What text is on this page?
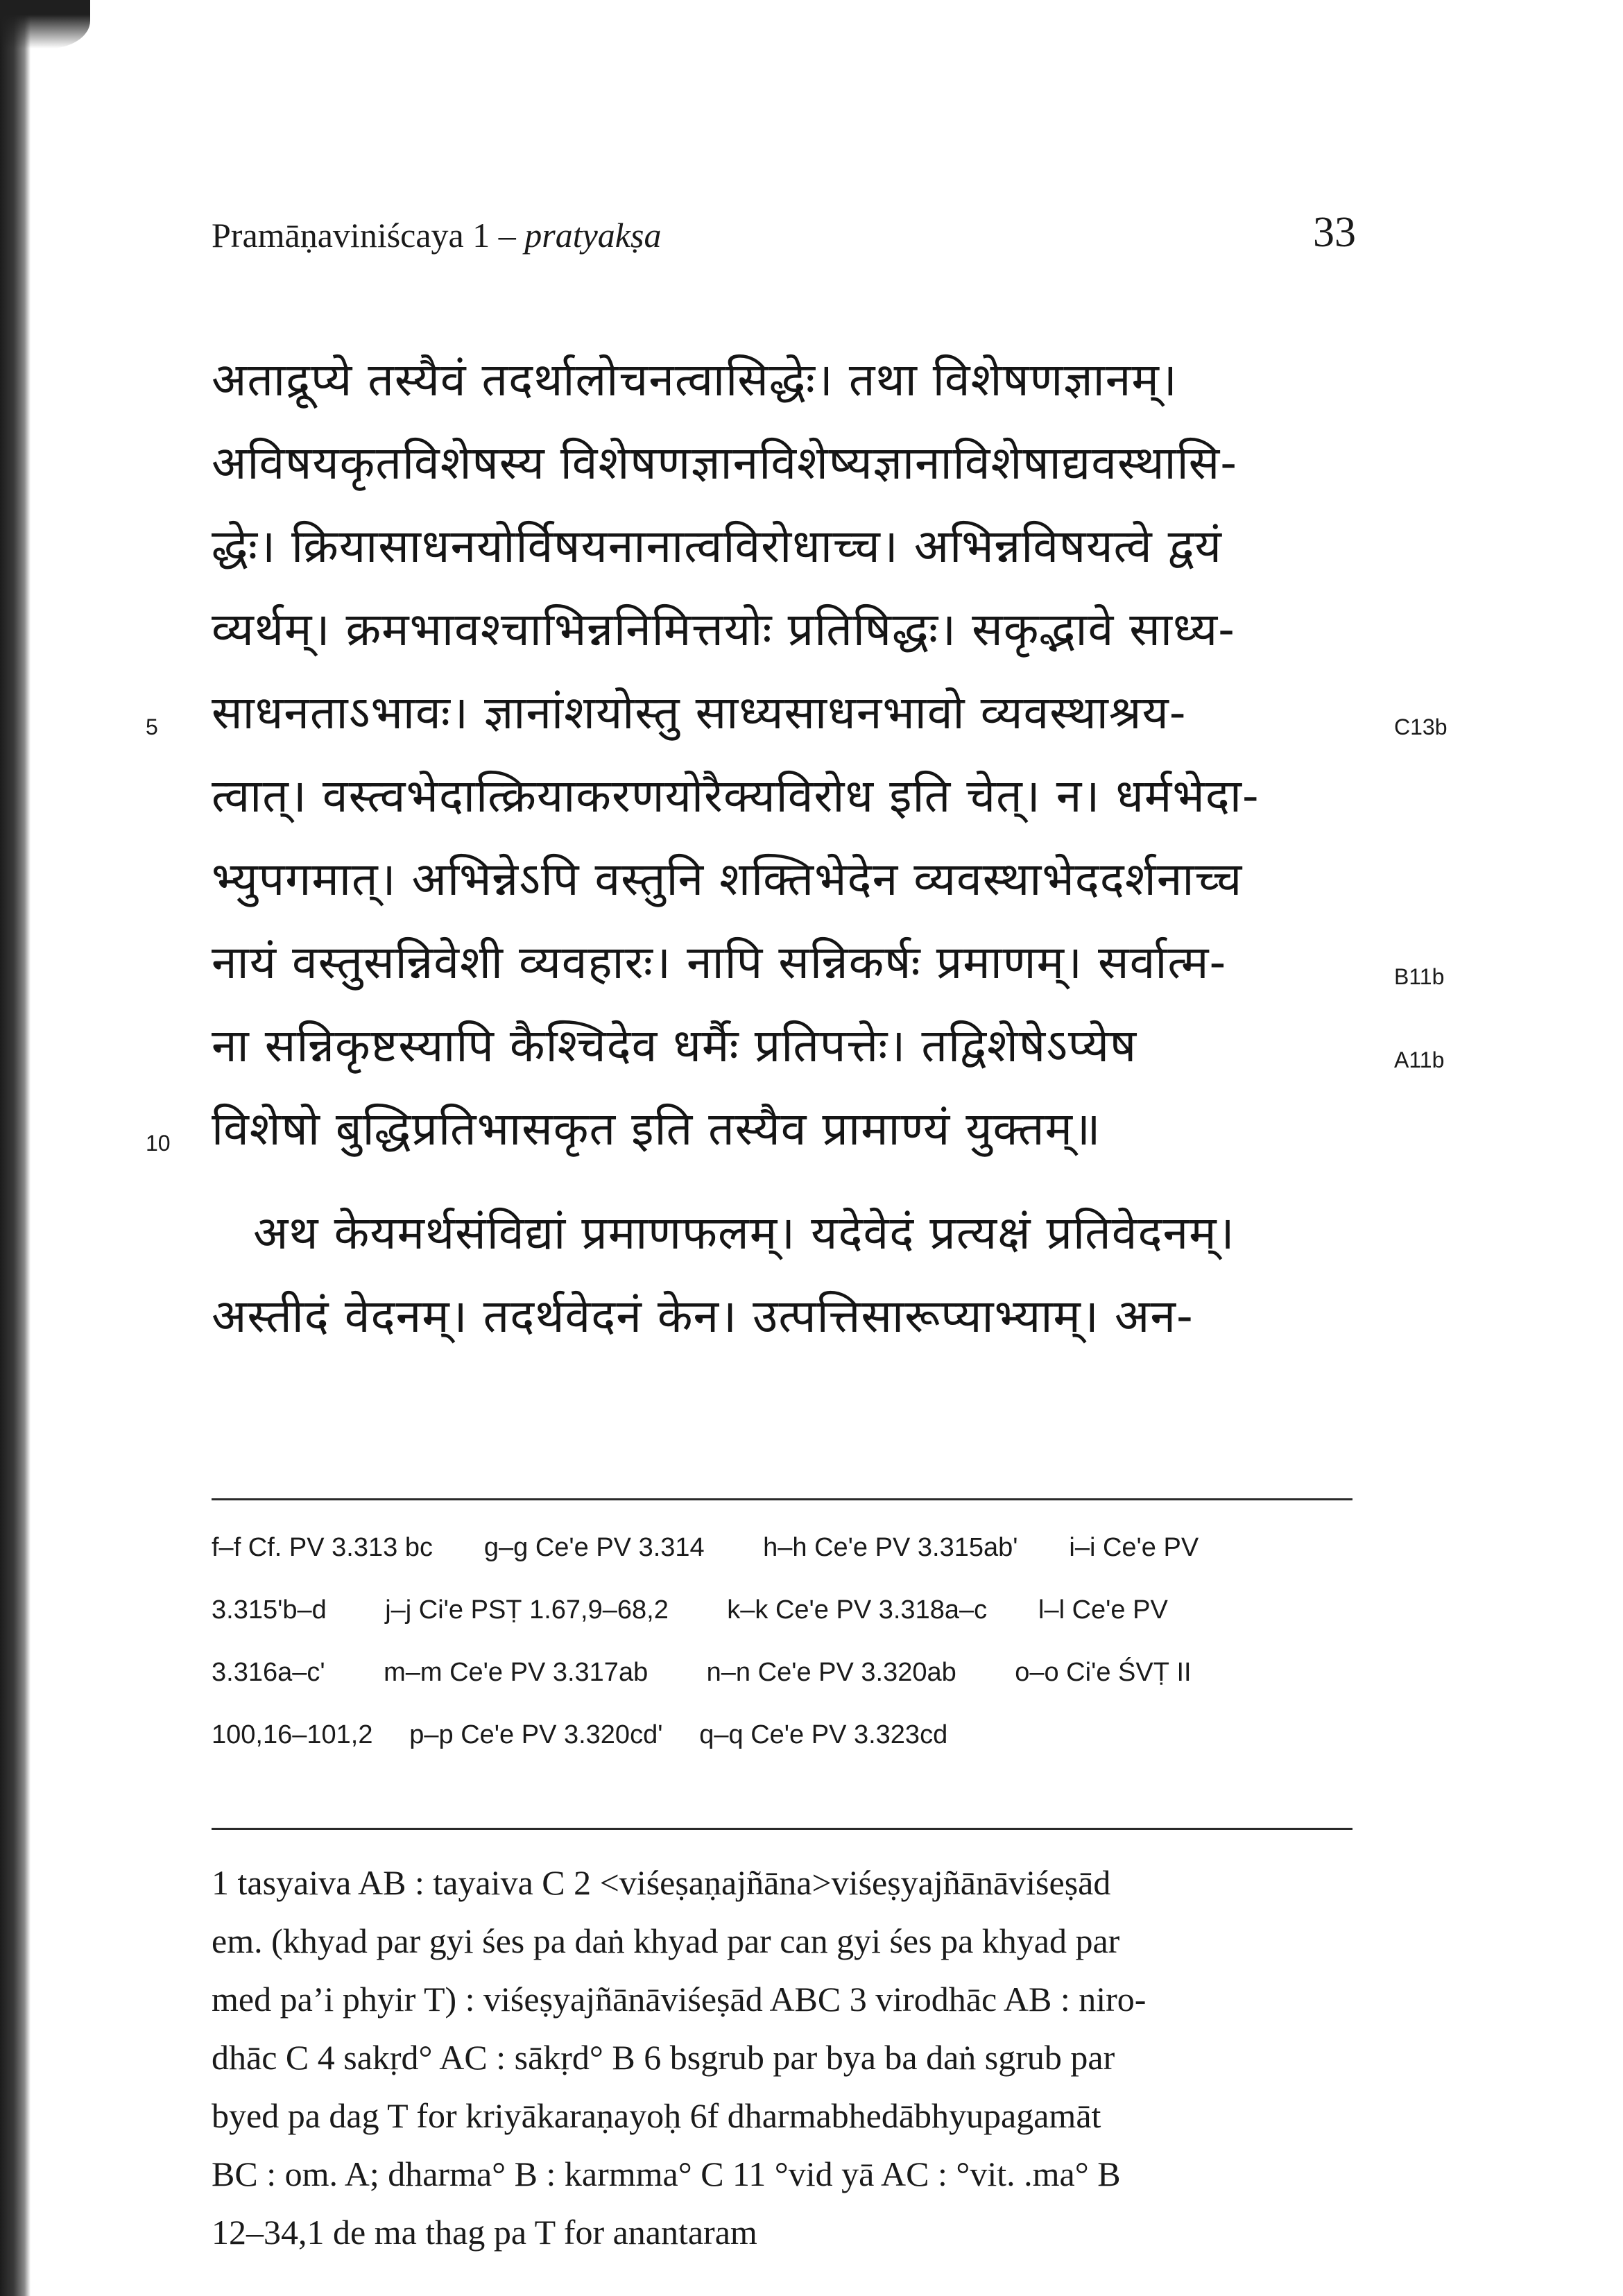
Pramāṇaviniścaya 1 – pratyakṣa	33
अताद्रूप्ये तस्यैवं तदर्थालोचनत्वासिद्धेः। तथा विशेषणज्ञानम्।
अविषयकृतविशेषस्य विशेषणज्ञानविशेष्यज्ञानाविशेषाद्यवस्थासि-
द्धेः। क्रियासाधनयोर्विषयनानात्वविरोधाच्च। अभिन्नविषयत्वे द्वयं
व्यर्थम्। क्रमभावश्चाभिन्ननिमित्तयोः प्रतिषिद्धः। सकृद्भावे साध्य-
साधनताऽभावः। ज्ञानांशयोस्तु साध्यसाधनभावो व्यवस्थाश्रय-
त्वात्। वस्त्वभेदात्क्रियाकरणयोरैक्यविरोध इति चेत्। न। धर्मभेदा-
भ्युपगमात्। अभिन्नेऽपि वस्तुनि शक्तिभेदेन व्यवस्थाभेददर्शनाच्च
नायं वस्तुसन्निवेशी व्यवहारः। नापि सन्निकर्षः प्रमाणम्। सर्वात्म-
ना सन्निकृष्टस्यापि कैश्चिदेव धर्मैः प्रतिपत्तेः। तद्विशेषेऽप्येष
विशेषो बुद्धिप्रतिभासकृत इति तस्यैव प्रामाण्यं युक्तम्॥
अथ केयमर्थसंविद्यां प्रमाणफलम्। यदेवेदं प्रत्यक्षं प्रतिवेदनम्।
अस्तीदं वेदनम्। तदर्थवेदनं केन। उत्पत्तिसारूप्याभ्याम्। अन-
5
10
C13b
B11b
A11b
f–f Cf. PV 3.313 bc       g–g Ce'e PV 3.314        h–h Ce'e PV 3.315ab'       i–i Ce'e PV
3.315'b–d        j–j Ci'e PSṬ 1.67,9–68,2        k–k Ce'e PV 3.318a–c       l–l Ce'e PV
3.316a–c'        m–m Ce'e PV 3.317ab        n–n Ce'e PV 3.320ab        o–o Ci'e ŚVṬ II
100,16–101,2     p–p Ce'e PV 3.320cd'     q–q Ce'e PV 3.323cd
1 tasyaiva AB : tayaiva C 2 <viśeṣaṇajñāna>viśeṣyajñānāviśeṣād
em. (khyad par gyi śes pa daṅ khyad par can gyi śes pa khyad par
med pa’i phyir T) : viśeṣyajñānāviśeṣād ABC 3 virodhāc AB : niro-
dhāc C 4 sakṛd° AC : sākṛd° B 6 bsgrub par bya ba daṅ sgrub par
byed pa dag T for kriyākaraṇayoḥ 6f dharmabhedābhyupagamāt
BC : om. A; dharma° B : karmma° C 11 °vid yā AC : °vit. .ma° B
12–34,1 de ma thag pa T for anantaram
